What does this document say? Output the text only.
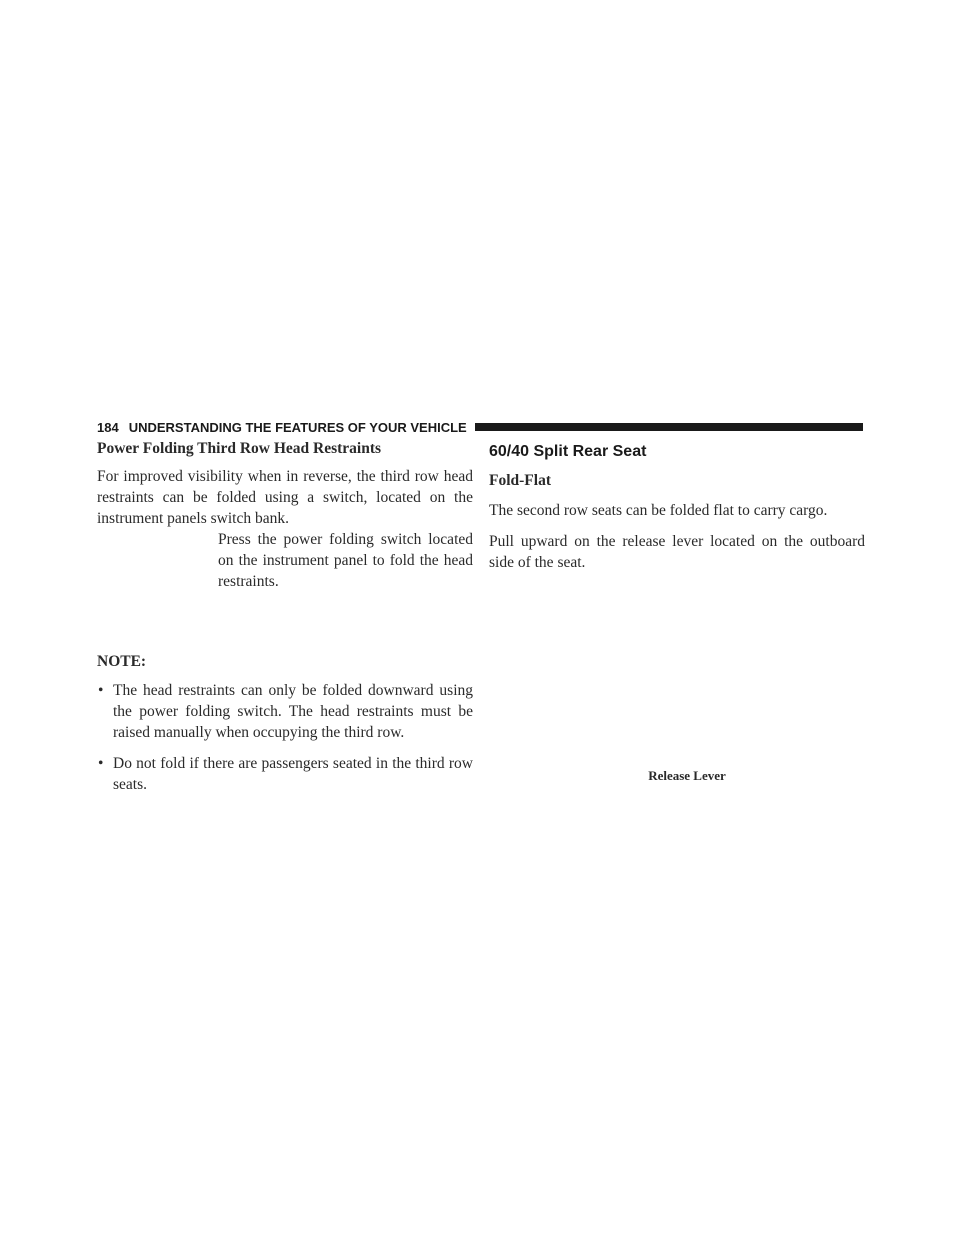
184 UNDERSTANDING THE FEATURES OF YOUR VEHICLE
Power Folding Third Row Head Restraints

For improved visibility when in reverse, the third row head restraints can be folded using a switch, located on the instrument panels switch bank.

Press the power folding switch located on the instrument panel to fold the head restraints.

NOTE:
• The head restraints can only be folded downward using the power folding switch. The head restraints must be raised manually when occupying the third row.
• Do not fold if there are passengers seated in the third row seats.
60/40 Split Rear Seat
Fold-Flat

The second row seats can be folded flat to carry cargo.

Pull upward on the release lever located on the outboard side of the seat.

Release Lever
